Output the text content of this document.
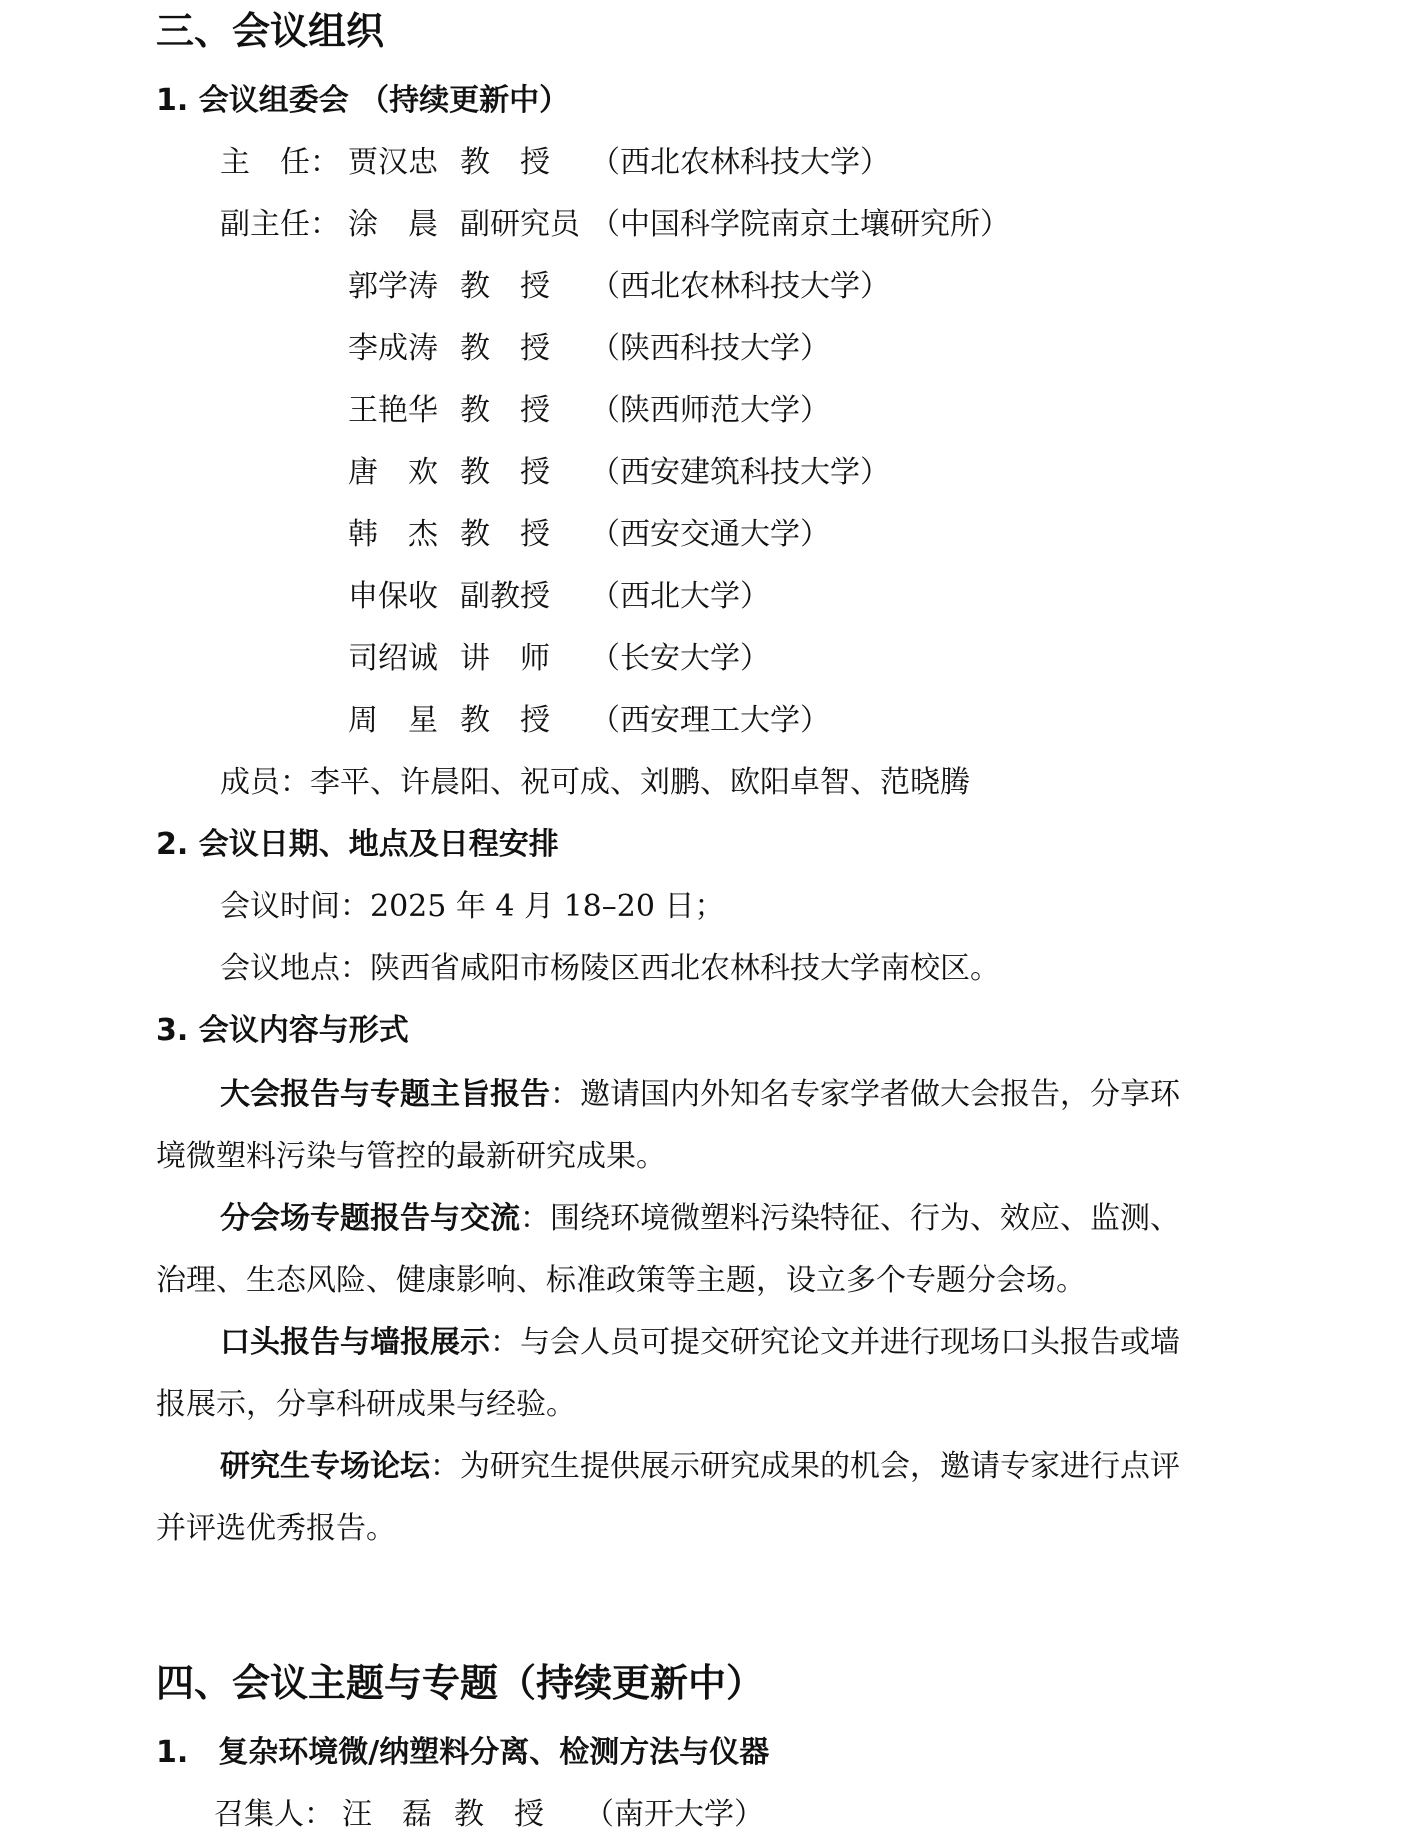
三、会议组织
1. 会议组委会 （持续更新中）
主　任： 贾汉忠 教　授 （西北农林科技大学）
副主任： 涂　晨 副研究员 （中国科学院南京土壤研究所）
郭学涛 教　授 （西北农林科技大学）
李成涛 教　授 （陕西科技大学）
王艳华 教　授 （陕西师范大学）
唐　欢 教　授 （西安建筑科技大学）
韩　杰 教　授 （西安交通大学）
申保收 副教授 （西北大学）
司绍诚 讲　师 （长安大学）
周　星 教　授 （西安理工大学）
成员：李平、许晨阳、祝可成、刘鹏、欧阳卓智、范晓腾
2. 会议日期、地点及日程安排
会议时间：2025 年 4 月 18–20 日；
会议地点：陕西省咸阳市杨陵区西北农林科技大学南校区。
3. 会议内容与形式
大会报告与专题主旨报告：邀请国内外知名专家学者做大会报告，分享环
境微塑料污染与管控的最新研究成果。
分会场专题报告与交流：围绕环境微塑料污染特征、行为、效应、监测、
治理、生态风险、健康影响、标准政策等主题，设立多个专题分会场。
口头报告与墙报展示：与会人员可提交研究论文并进行现场口头报告或墙
报展示，分享科研成果与经验。
研究生专场论坛：为研究生提供展示研究成果的机会，邀请专家进行点评
并评选优秀报告。
四、会议主题与专题（持续更新中）
1.　复杂环境微/纳塑料分离、检测方法与仪器
召集人： 汪　磊 教　授 （南开大学）
